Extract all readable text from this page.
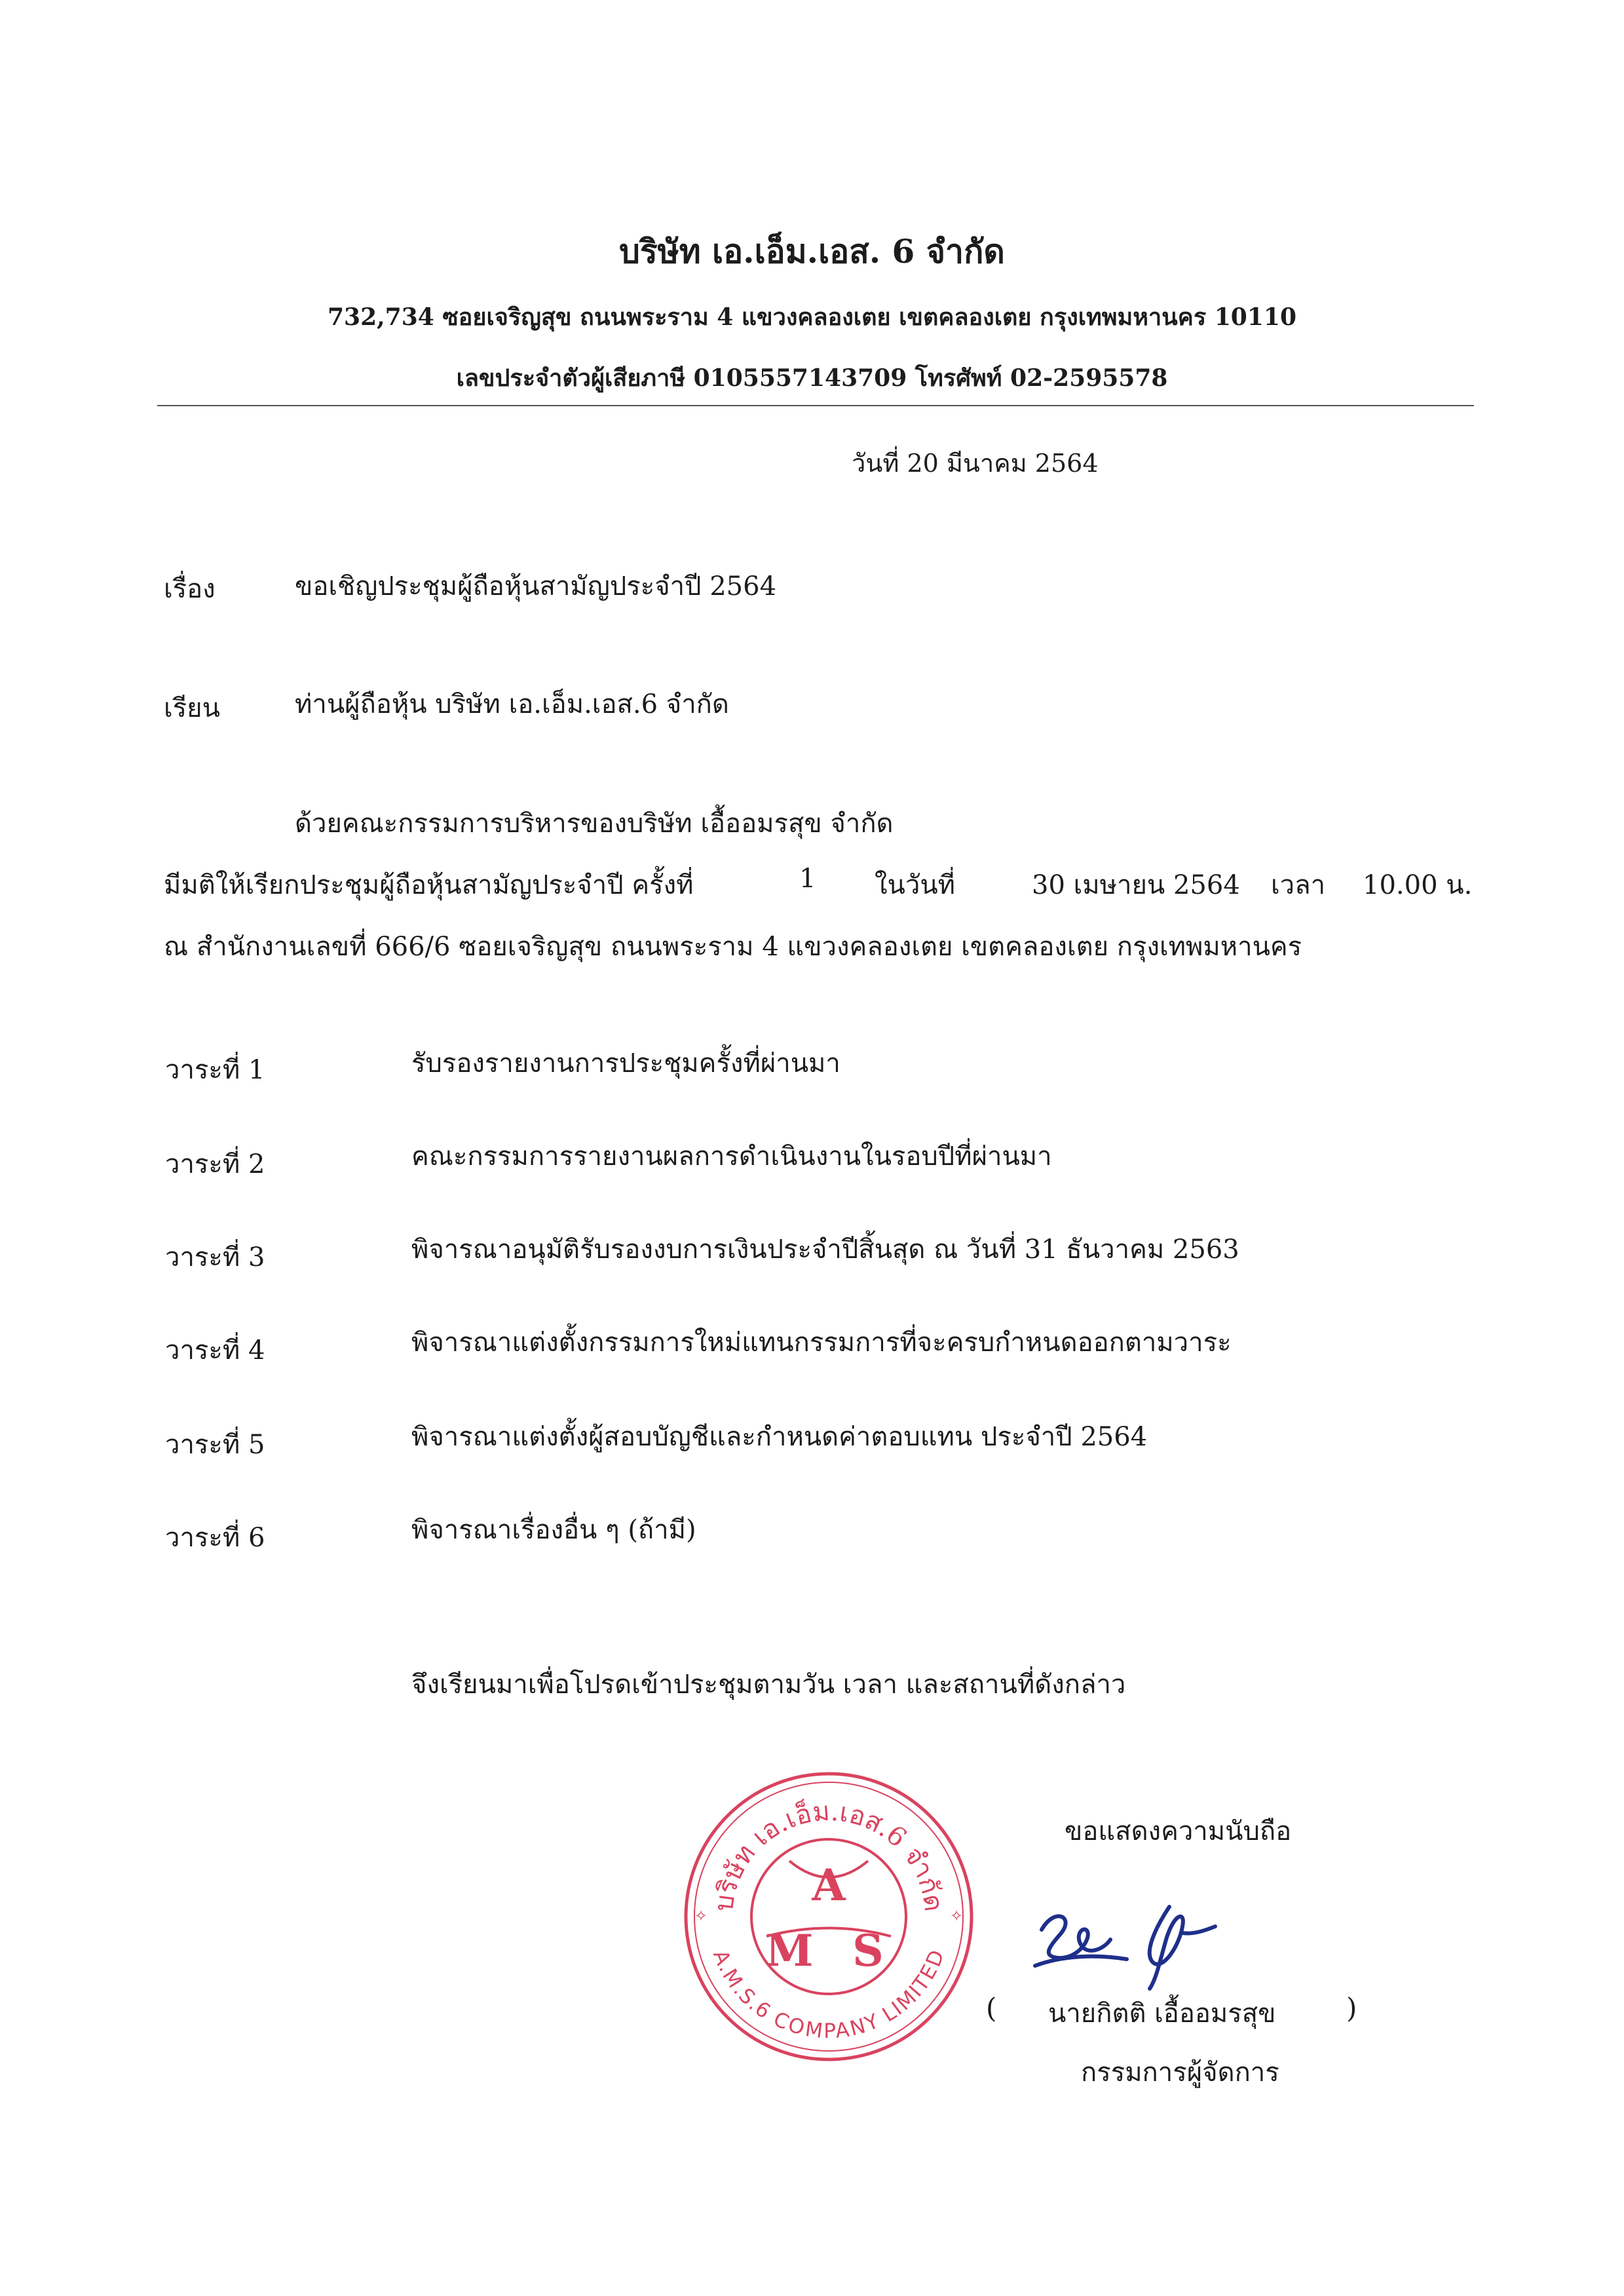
บริษัท เอ.เอ็ม.เอส. 6 จำกัด
732,734 ซอยเจริญสุข ถนนพระราม 4 แขวงคลองเตย เขตคลองเตย กรุงเทพมหานคร 10110
เลขประจำตัวผู้เสียภาษี 0105557143709 โทรศัพท์ 02-2595578
วันที่ 20 มีนาคม 2564
เรื่อง	ขอเชิญประชุมผู้ถือหุ้นสามัญประจำปี 2564
เรียน	ท่านผู้ถือหุ้น บริษัท เอ.เอ็ม.เอส.6 จำกัด
ด้วยคณะกรรมการบริหารของบริษัท เอื้ออมรสุข จำกัด
มีมติให้เรียกประชุมผู้ถือหุ้นสามัญประจำปี ครั้งที่	1 ในวันที่	30 เมษายน 2564 เวลา 10.00 น.
ณ สำนักงานเลขที่ 666/6 ซอยเจริญสุข ถนนพระราม 4 แขวงคลองเตย เขตคลองเตย กรุงเทพมหานคร
วาระที่ 1	รับรองรายงานการประชุมครั้งที่ผ่านมา
วาระที่ 2	คณะกรรมการรายงานผลการดำเนินงานในรอบปีที่ผ่านมา
วาระที่ 3	พิจารณาอนุมัติรับรองงบการเงินประจำปีสิ้นสุด ณ วันที่ 31 ธันวาคม 2563
วาระที่ 4	พิจารณาแต่งตั้งกรรมการใหม่แทนกรรมการที่จะครบกำหนดออกตามวาระ
วาระที่ 5	พิจารณาแต่งตั้งผู้สอบบัญชีและกำหนดค่าตอบแทน ประจำปี 2564
วาระที่ 6	พิจารณาเรื่องอื่น ๆ (ถ้ามี)
จึงเรียนมาเพื่อโปรดเข้าประชุมตามวัน เวลา และสถานที่ดังกล่าว
บริษัท เอ.เอ็ม.เอส.6 จำกัด
A.M.S.6 COMPANY LIMITED
A
M S
✧	✧
ขอแสดงความนับถือ
( นายกิตติ เอื้ออมรสุข	)
กรรมการผู้จัดการ
